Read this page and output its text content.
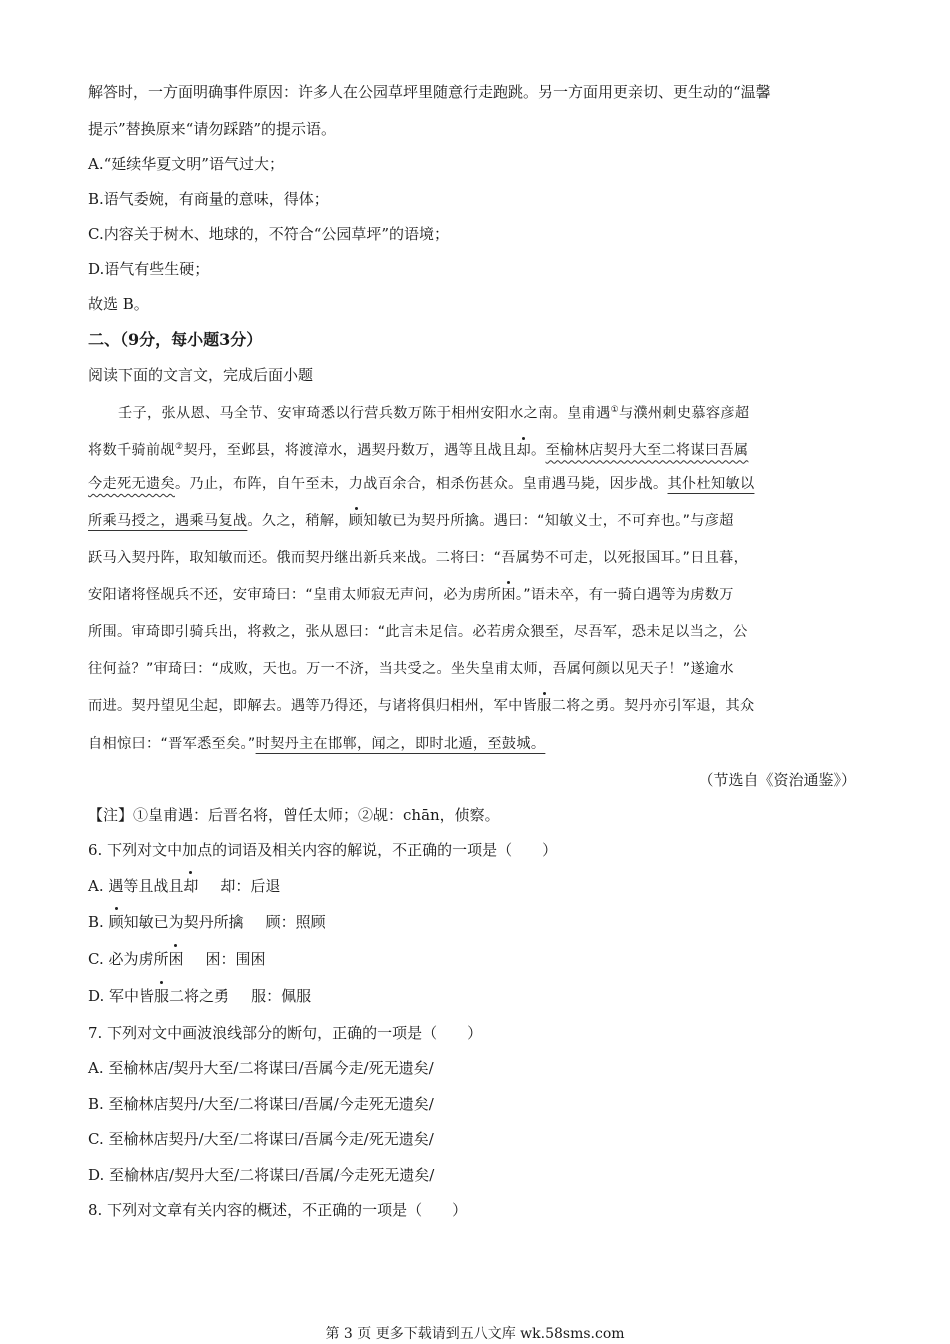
解答时，一方面明确事件原因：许多人在公园草坪里随意行走跑跳。另一方面用更亲切、更生动的“温馨
提示”替换原来“请勿踩踏”的提示语。
A.“延续华夏文明”语气过大；
B.语气委婉，有商量的意味，得体；
C.内容关于树木、地球的，不符合“公园草坪”的语境；
D.语气有些生硬；
故选 B。
二、（9分，每小题3分）
阅读下面的文言文，完成后面小题
壬子，张从恩、马全节、安审琦悉以行营兵数万陈于相州安阳水之南。皇甫遇①与濮州刺史慕容彦超
将数千骑前觇②契丹，至邺县，将渡漳水，遇契丹数万，遇等且战且却。至榆林店契丹大至二将谋曰吾属
今走死无遗矣。乃止，布阵，自午至未，力战百余合，相杀伤甚众。皇甫遇马毙，因步战。其仆杜知敏以
所乘马授之，遇乘马复战。久之，稍解，顾知敏已为契丹所擒。遇曰：“知敏义士，不可弃也。”与彦超
跃马入契丹阵，取知敏而还。俄而契丹继出新兵来战。二将曰：“吾属势不可走，以死报国耳。”日且暮，
安阳诸将怪觇兵不还，安审琦曰：“皇甫太师寂无声问，必为虏所困。”语未卒，有一骑白遇等为虏数万
所围。审琦即引骑兵出，将救之，张从恩曰：“此言未足信。必若虏众猥至，尽吾军，恐未足以当之，公
往何益？”审琦曰：“成败，天也。万一不济，当共受之。坐失皇甫太师，吾属何颜以见天子！”遂逾水
而进。契丹望见尘起，即解去。遇等乃得还，与诸将俱归相州，军中皆服二将之勇。契丹亦引军退，其众
自相惊曰：“晋军悉至矣。”时契丹主在邯郸，闻之，即时北遁，至鼓城。
（节选自《资治通鉴》）
【注】①皇甫遇：后晋名将，曾任太师；②觇：chān，侦察。
6. 下列对文中加点的词语及相关内容的解说，不正确的一项是（　　）
A. 遇等且战且却 却：后退
B. 顾知敏已为契丹所擒 顾：照顾
C. 必为虏所困 困：围困
D. 军中皆服二将之勇 服：佩服
7. 下列对文中画波浪线部分的断句，正确的一项是（　　）
A. 至榆林店/契丹大至/二将谋曰/吾属今走/死无遗矣/
B. 至榆林店契丹/大至/二将谋曰/吾属/今走死无遗矣/
C. 至榆林店契丹/大至/二将谋曰/吾属今走/死无遗矣/
D. 至榆林店/契丹大至/二将谋曰/吾属/今走死无遗矣/
8. 下列对文章有关内容的概述，不正确的一项是（　　）
第 3 页 更多下载请到五八文库 wk.58sms.com
